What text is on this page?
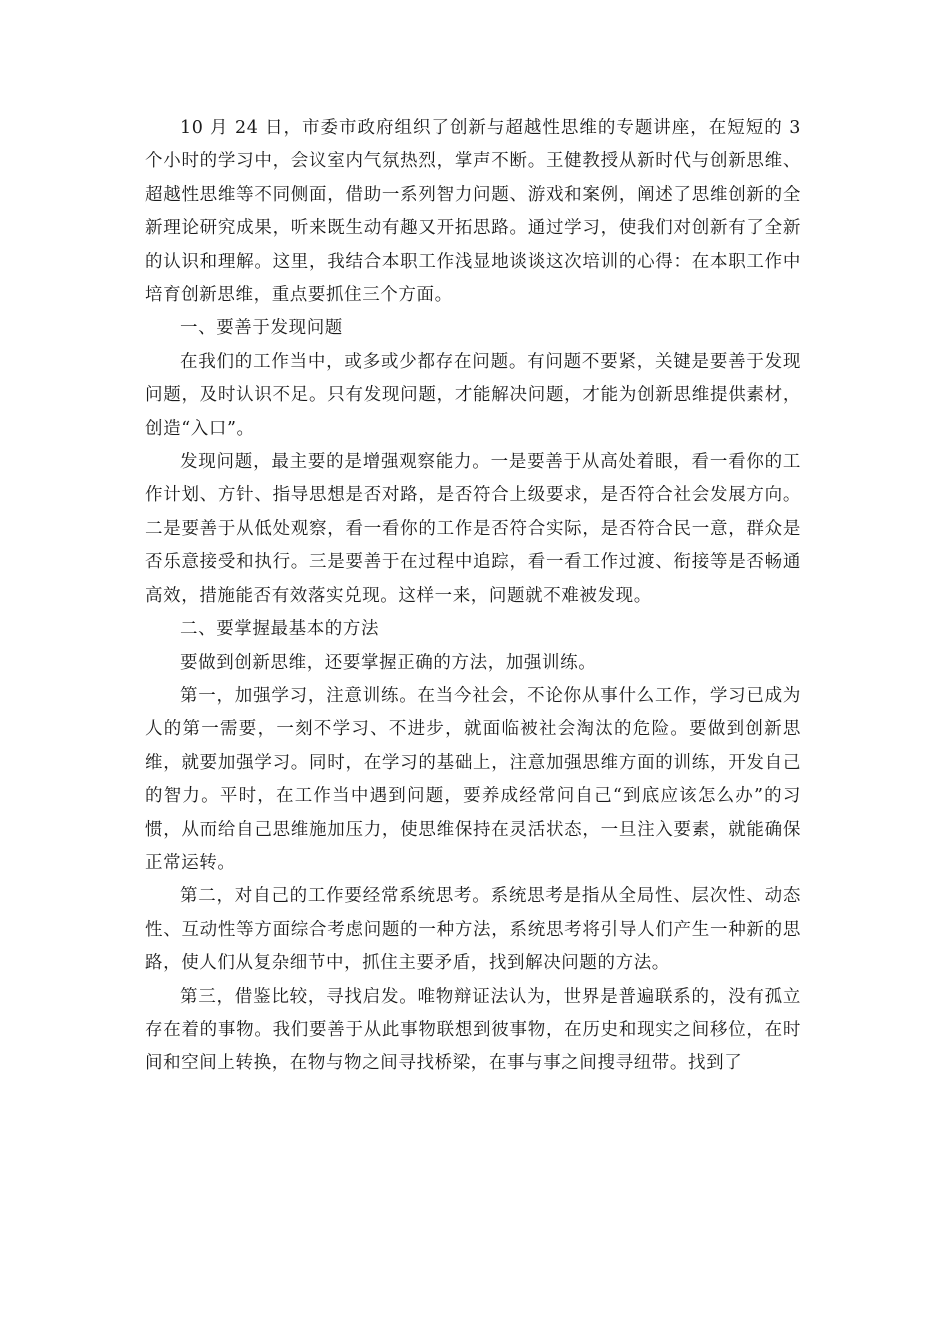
10 月 24 日，市委市政府组织了创新与超越性思维的专题讲座，在短短的 3 个小时的学习中，会议室内气氛热烈，掌声不断。王健教授从新时代与创新思维、超越性思维等不同侧面，借助一系列智力问题、游戏和案例，阐述了思维创新的全新理论研究成果，听来既生动有趣又开拓思路。通过学习，使我们对创新有了全新的认识和理解。这里，我结合本职工作浅显地谈谈这次培训的心得：在本职工作中培育创新思维，重点要抓住三个方面。

一、要善于发现问题

在我们的工作当中，或多或少都存在问题。有问题不要紧，关键是要善于发现问题，及时认识不足。只有发现问题，才能解决问题，才能为创新思维提供素材，创造“入口”。

发现问题，最主要的是增强观察能力。一是要善于从高处着眼，看一看你的工作计划、方针、指导思想是否对路，是否符合上级要求，是否符合社会发展方向。二是要善于从低处观察，看一看你的工作是否符合实际，是否符合民一意，群众是否乐意接受和执行。三是要善于在过程中追踪，看一看工作过渡、衔接等是否畅通高效，措施能否有效落实兑现。这样一来，问题就不难被发现。

二、要掌握最基本的方法

要做到创新思维，还要掌握正确的方法，加强训练。

第一，加强学习，注意训练。在当今社会，不论你从事什么工作，学习已成为人的第一需要，一刻不学习、不进步，就面临被社会淘汰的危险。要做到创新思维，就要加强学习。同时，在学习的基础上，注意加强思维方面的训练，开发自己的智力。平时，在工作当中遇到问题，要养成经常问自己“到底应该怎么办”的习惯，从而给自己思维施加压力，使思维保持在灵活状态，一旦注入要素，就能确保正常运转。

第二，对自己的工作要经常系统思考。系统思考是指从全局性、层次性、动态性、互动性等方面综合考虑问题的一种方法，系统思考将引导人们产生一种新的思路，使人们从复杂细节中，抓住主要矛盾，找到解决问题的方法。

第三，借鉴比较，寻找启发。唯物辩证法认为，世界是普遍联系的，没有孤立存在着的事物。我们要善于从此事物联想到彼事物，在历史和现实之间移位，在时间和空间上转换，在物与物之间寻找桥梁，在事与事之间搜寻纽带。找到了
